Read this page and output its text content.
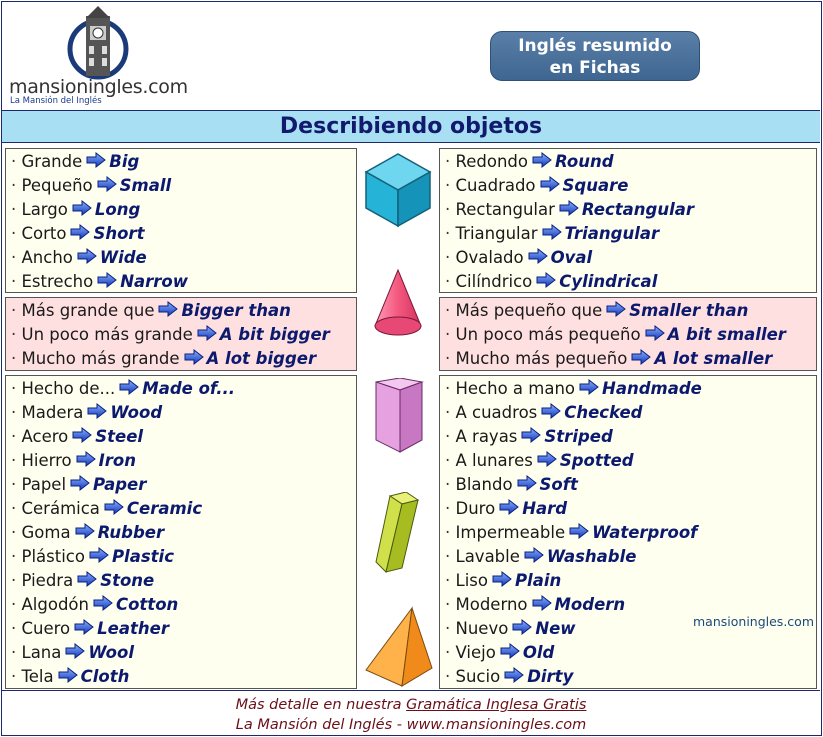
mansioningles.com
La Mansión del Inglés
Inglés resumido
en Fichas
Describiendo objetos
· Grande Big
· Pequeño Small
· Largo Long
· Corto Short
· Ancho Wide
· Estrecho Narrow
· Redondo Round
· Cuadrado Square
· Rectangular Rectangular
· Triangular Triangular
· Ovalado Oval
· Cilíndrico Cylindrical
· Más grande que Bigger than
· Un poco más grande A bit bigger
· Mucho más grande A lot bigger
· Más pequeño que Smaller than
· Un poco más pequeño A bit smaller
· Mucho más pequeño A lot smaller
· Hecho de... Made of...
· Madera Wood
· Acero Steel
· Hierro Iron
· Papel Paper
· Cerámica Ceramic
· Goma Rubber
· Plástico Plastic
· Piedra Stone
· Algodón Cotton
· Cuero Leather
· Lana Wool
· Tela Cloth
· Hecho a mano Handmade
· A cuadros Checked
· A rayas Striped
· A lunares Spotted
· Blando Soft
· Duro Hard
· Impermeable Waterproof
· Lavable Washable
· Liso Plain
· Moderno Modern
· Nuevo New
· Viejo Old
· Sucio Dirty
mansioningles.com
Más detalle en nuestra Gramática Inglesa Gratis
La Mansión del Inglés - www.mansioningles.com
